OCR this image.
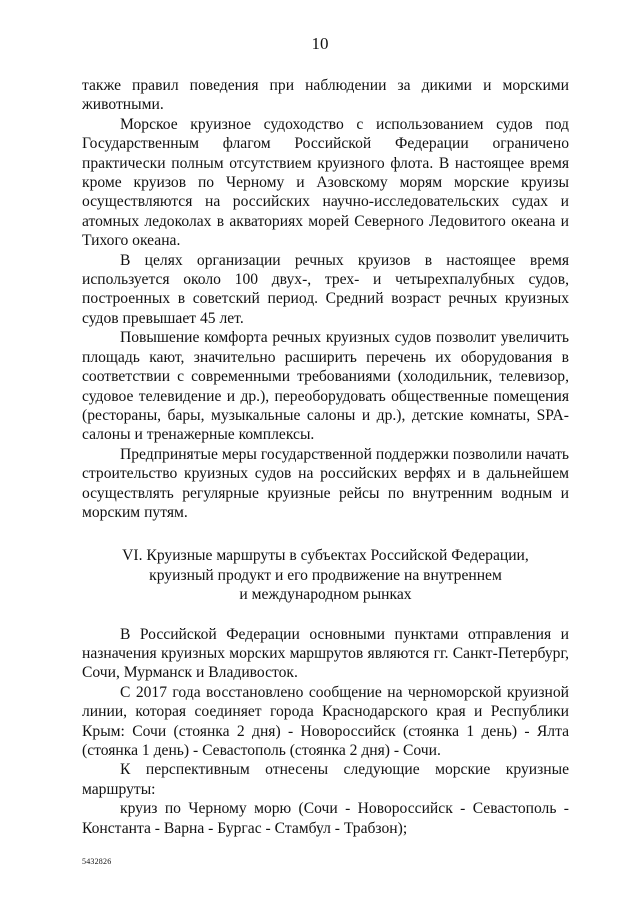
10

также правил поведения при наблюдении за дикими и морскими животными.

Морское круизное судоходство с использованием судов под Государственным флагом Российской Федерации ограничено практически полным отсутствием круизного флота. В настоящее время кроме круизов по Черному и Азовскому морям морские круизы осуществляются на российских научно-исследовательских судах и атомных ледоколах в акваториях морей Северного Ледовитого океана и Тихого океана.

В целях организации речных круизов в настоящее время используется около 100 двух-, трех- и четырехпалубных судов, построенных в советский период. Средний возраст речных круизных судов превышает 45 лет.

Повышение комфорта речных круизных судов позволит увеличить площадь кают, значительно расширить перечень их оборудования в соответствии с современными требованиями (холодильник, телевизор, судовое телевидение и др.), переоборудовать общественные помещения (рестораны, бары, музыкальные салоны и др.), детские комнаты, SPA-салоны и тренажерные комплексы.

Предпринятые меры государственной поддержки позволили начать строительство круизных судов на российских верфях и в дальнейшем осуществлять регулярные круизные рейсы по внутренним водным и морским путям.

VI. Круизные маршруты в субъектах Российской Федерации,
круизный продукт и его продвижение на внутреннем
и международном рынках

В Российской Федерации основными пунктами отправления и назначения круизных морских маршрутов являются гг. Санкт-Петербург, Сочи, Мурманск и Владивосток.

С 2017 года восстановлено сообщение на черноморской круизной линии, которая соединяет города Краснодарского края и Республики Крым: Сочи (стоянка 2 дня) - Новороссийск (стоянка 1 день) - Ялта (стоянка 1 день) - Севастополь (стоянка 2 дня) - Сочи.

К перспективным отнесены следующие морские круизные маршруты:

круиз по Черному морю (Сочи - Новороссийск - Севастополь - Константа - Варна - Бургас - Стамбул - Трабзон);

5432826
